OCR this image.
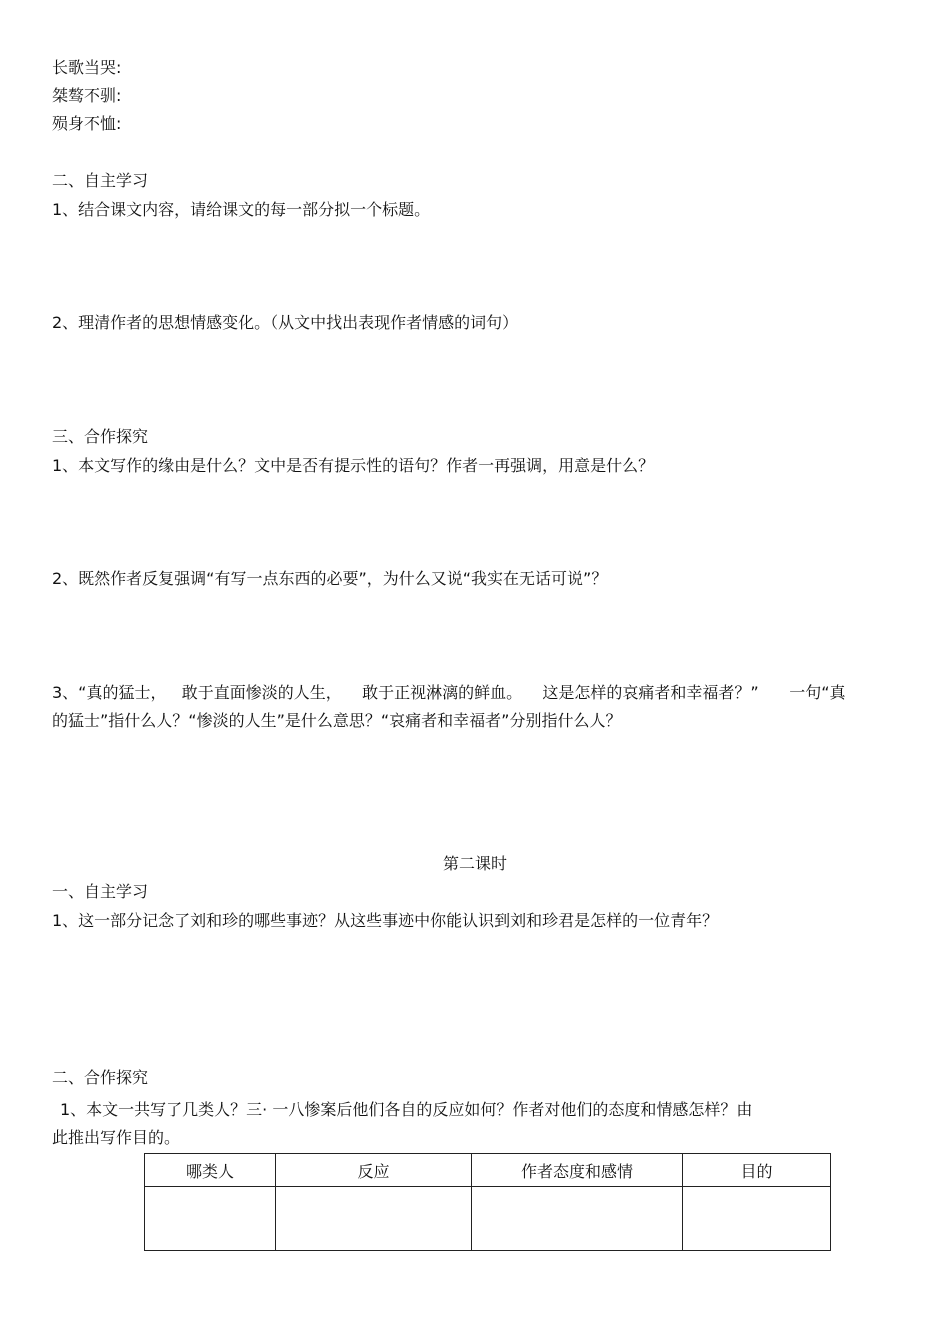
长歌当哭:
桀骜不驯:
殒身不恤:
二、自主学习
1、结合课文内容，请给课文的每一部分拟一个标题。
2、理清作者的思想情感变化。（从文中找出表现作者情感的词句）
三、合作探究
1、本文写作的缘由是什么？文中是否有提示性的语句？作者一再强调，用意是什么？
2、既然作者反复强调“有写一点东西的必要”，为什么又说“我实在无话可说”？
3、“真的猛士，   敢于直面惨淡的人生，    敢于正视淋漓的鲜血。    这是怎样的哀痛者和幸福者？”      一句“真
的猛士”指什么人？“惨淡的人生”是什么意思？“哀痛者和幸福者”分别指什么人？
第二课时
一、自主学习
1、这一部分记念了刘和珍的哪些事迹？从这些事迹中你能认识到刘和珍君是怎样的一位青年？
二、合作探究
1、本文一共写了几类人？三· 一八惨案后他们各自的反应如何？作者对他们的态度和情感怎样？由
此推出写作目的。
哪类人	反应	作者态度和感情	目的
